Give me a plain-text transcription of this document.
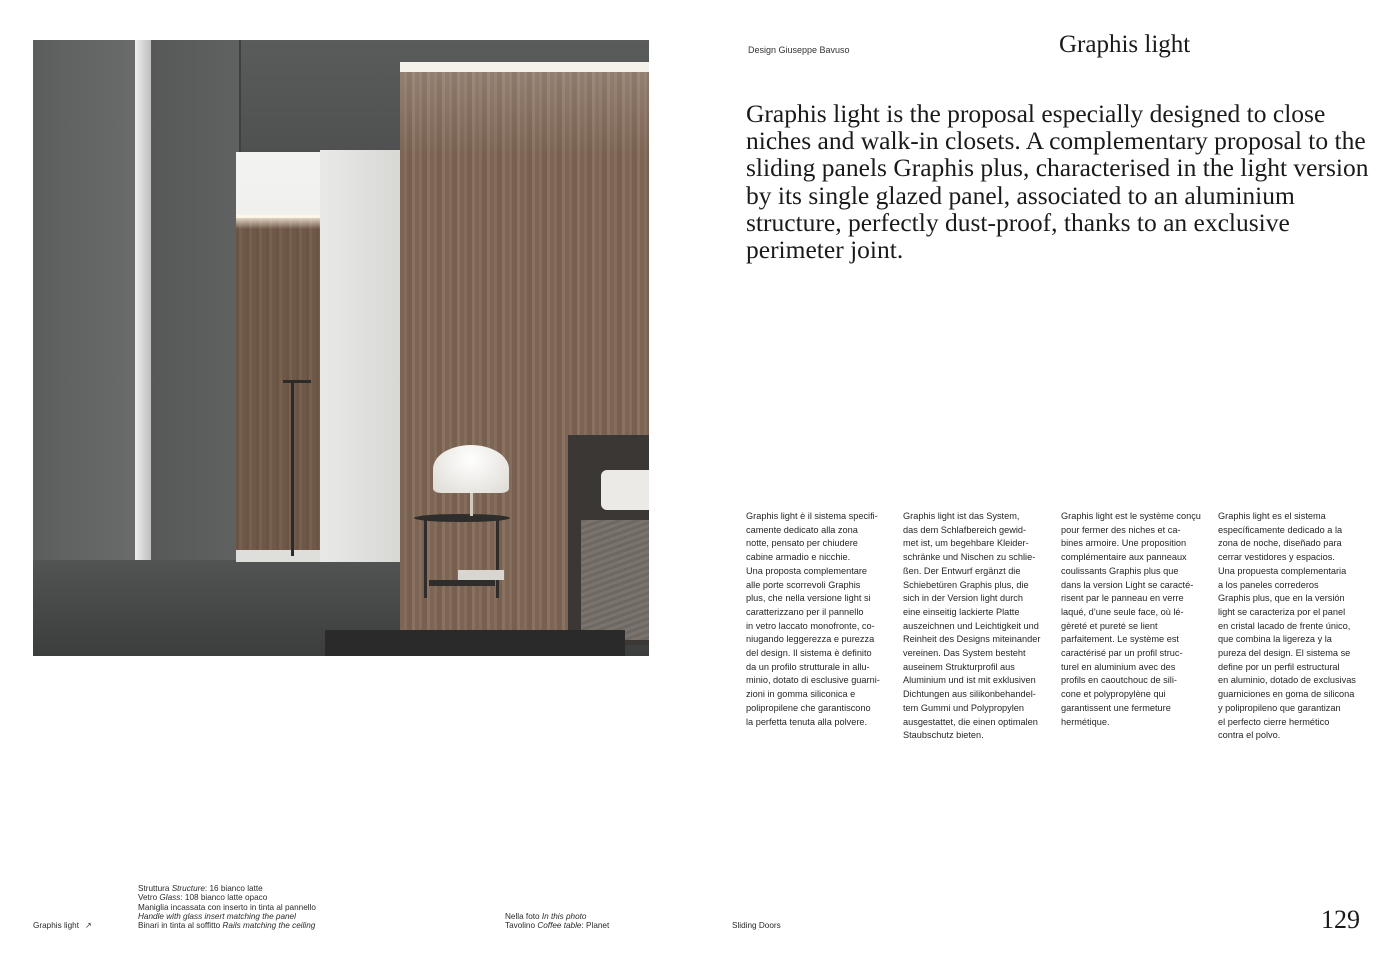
Design Giuseppe Bavuso	Graphis light
Graphis light is the proposal especially designed to close niches and walk-in closets. A complementary proposal to the sliding panels Graphis plus, characterised in the light version by its single glazed panel, associated to an aluminium structure, perfectly dust-proof, thanks to an exclusive perimeter joint.
Graphis light è il sistema specifi-
camente dedicato alla zona
notte, pensato per chiudere
cabine armadio e nicchie.
Una proposta complementare
alle porte scorrevoli Graphis
plus, che nella versione light si
caratterizzano per il pannello
in vetro laccato monofronte, co-
niugando leggerezza e purezza
del design. Il sistema è definito
da un profilo strutturale in allu-
minio, dotato di esclusive guarni-
zioni in gomma siliconica e
polipropilene che garantiscono
la perfetta tenuta alla polvere.
Graphis light ist das System,
das dem Schlafbereich gewid-
met ist, um begehbare Kleider-
schränke und Nischen zu schlie-
ßen. Der Entwurf ergänzt die
Schiebetüren Graphis plus, die
sich in der Version light durch
eine einseitig lackierte Platte
auszeichnen und Leichtigkeit und
Reinheit des Designs miteinander
vereinen. Das System besteht
auseinem Strukturprofil aus
Aluminium und ist mit exklusiven
Dichtungen aus silikonbehandel-
tem Gummi und Polypropylen
ausgestattet, die einen optimalen
Staubschutz bieten.
Graphis light est le système conçu
pour fermer des niches et ca-
bines armoire. Une proposition
complémentaire aux panneaux
coulissants Graphis plus que
dans la version Light se caracté-
risent par le panneau en verre
laqué, d’une seule face, où lé-
gèreté et pureté se lient
parfaitement. Le système est
caractérisé par un profil struc-
turel en aluminium avec des
profils en caoutchouc de sili-
cone et polypropylène qui
garantissent une fermeture
hermétique.
Graphis light es el sistema
específicamente dedicado a la
zona de noche, diseñado para
cerrar vestidores y espacios.
Una propuesta complementaria
a los paneles correderos
Graphis plus, que en la versión
light se caracteriza por el panel
en cristal lacado de frente único,
que combina la ligereza y la
pureza del design. El sistema se
define por un perfil estructural
en aluminio, dotado de exclusivas
guarniciones en goma de silicona
y polipropileno que garantizan
el perfecto cierre hermético
contra el polvo.
Graphis light ↗
Struttura Structure: 16 bianco latte
Vetro Glass: 108 bianco latte opaco
Maniglia incassata con inserto in tinta al pannello
Handle with glass insert matching the panel
Binari in tinta al soffitto Rails matching the ceiling
Nella foto In this photo
Tavolino Coffee table: Planet	Sliding Doors	129
